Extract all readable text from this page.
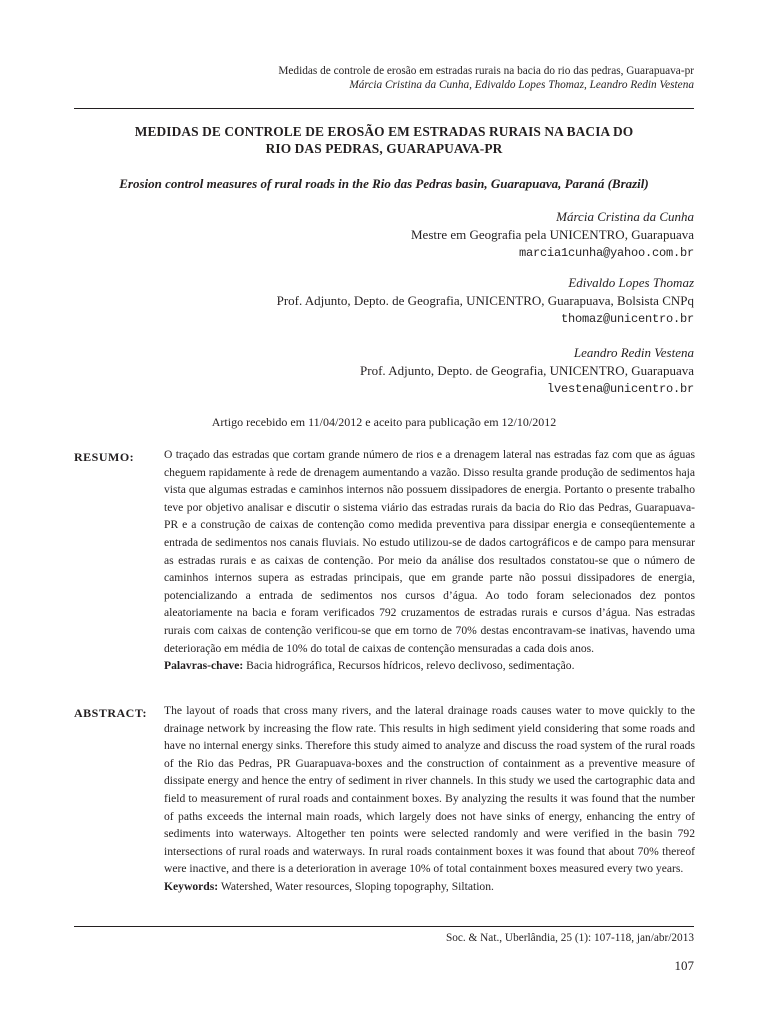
Medidas de controle de erosão em estradas rurais na bacia do rio das pedras, Guarapuava-pr
Márcia Cristina da Cunha, Edivaldo Lopes Thomaz, Leandro Redin Vestena
MEDIDAS DE CONTROLE DE EROSÃO EM ESTRADAS RURAIS NA BACIA DO
RIO DAS PEDRAS, GUARAPUAVA-PR
Erosion control measures of rural roads in the Rio das Pedras basin, Guarapuava, Paraná (Brazil)
Márcia Cristina da Cunha
Mestre em Geografia pela UNICENTRO, Guarapuava
marcia1cunha@yahoo.com.br
Edivaldo Lopes Thomaz
Prof. Adjunto, Depto. de Geografia, UNICENTRO, Guarapuava, Bolsista CNPq
thomaz@unicentro.br
Leandro Redin Vestena
Prof. Adjunto, Depto. de Geografia, UNICENTRO, Guarapuava
lvestena@unicentro.br
Artigo recebido em 11/04/2012 e aceito para publicação em 12/10/2012
RESUMO:	O traçado das estradas que cortam grande número de rios e a drenagem lateral nas estradas faz com que as águas cheguem rapidamente à rede de drenagem aumentando a vazão. Disso resulta grande produção de sedimentos haja vista que algumas estradas e caminhos internos não possuem dissipadores de energia. Portanto o presente trabalho teve por objetivo analisar e discutir o sistema viário das estradas rurais da bacia do Rio das Pedras, Guarapuava-PR e a construção de caixas de contenção como medida preventiva para dissipar energia e conseqüentemente a entrada de sedimentos nos canais fluviais. No estudo utilizou-se de dados cartográficos e de campo para mensurar as estradas rurais e as caixas de contenção. Por meio da análise dos resultados constatou-se que o número de caminhos internos supera as estradas principais, que em grande parte não possui dissipadores de energia, potencializando a entrada de sedimentos nos cursos d’água. Ao todo foram selecionados dez pontos aleatoriamente na bacia e foram verificados 792 cruzamentos de estradas rurais e cursos d’água. Nas estradas rurais com caixas de contenção verificou-se que em torno de 70% destas encontravam-se inativas, havendo uma deterioração em média de 10% do total de caixas de contenção mensuradas a cada dois anos.
Palavras-chave: Bacia hidrográfica, Recursos hídricos, relevo declivoso, sedimentação.
ABSTRACT: The layout of roads that cross many rivers, and the lateral drainage roads causes water to move quickly to the drainage network by increasing the flow rate. This results in high sediment yield considering that some roads and have no internal energy sinks. Therefore this study aimed to analyze and discuss the road system of the rural roads of the Rio das Pedras, PR Guarapuava-boxes and the construction of containment as a preventive measure of dissipate energy and hence the entry of sediment in river channels. In this study we used the cartographic data and field to measurement of rural roads and containment boxes. By analyzing the results it was found that the number of paths exceeds the internal main roads, which largely does not have sinks of energy, enhancing the entry of sediments into waterways. Altogether ten points were selected randomly and were verified in the basin 792 intersections of rural roads and waterways. In rural roads containment boxes it was found that about 70% thereof were inactive, and there is a deterioration in average 10% of total containment boxes measured every two years.
Keywords: Watershed, Water resources, Sloping topography, Siltation.
Soc. & Nat., Uberlândia, 25 (1): 107-118, jan/abr/2013
107
